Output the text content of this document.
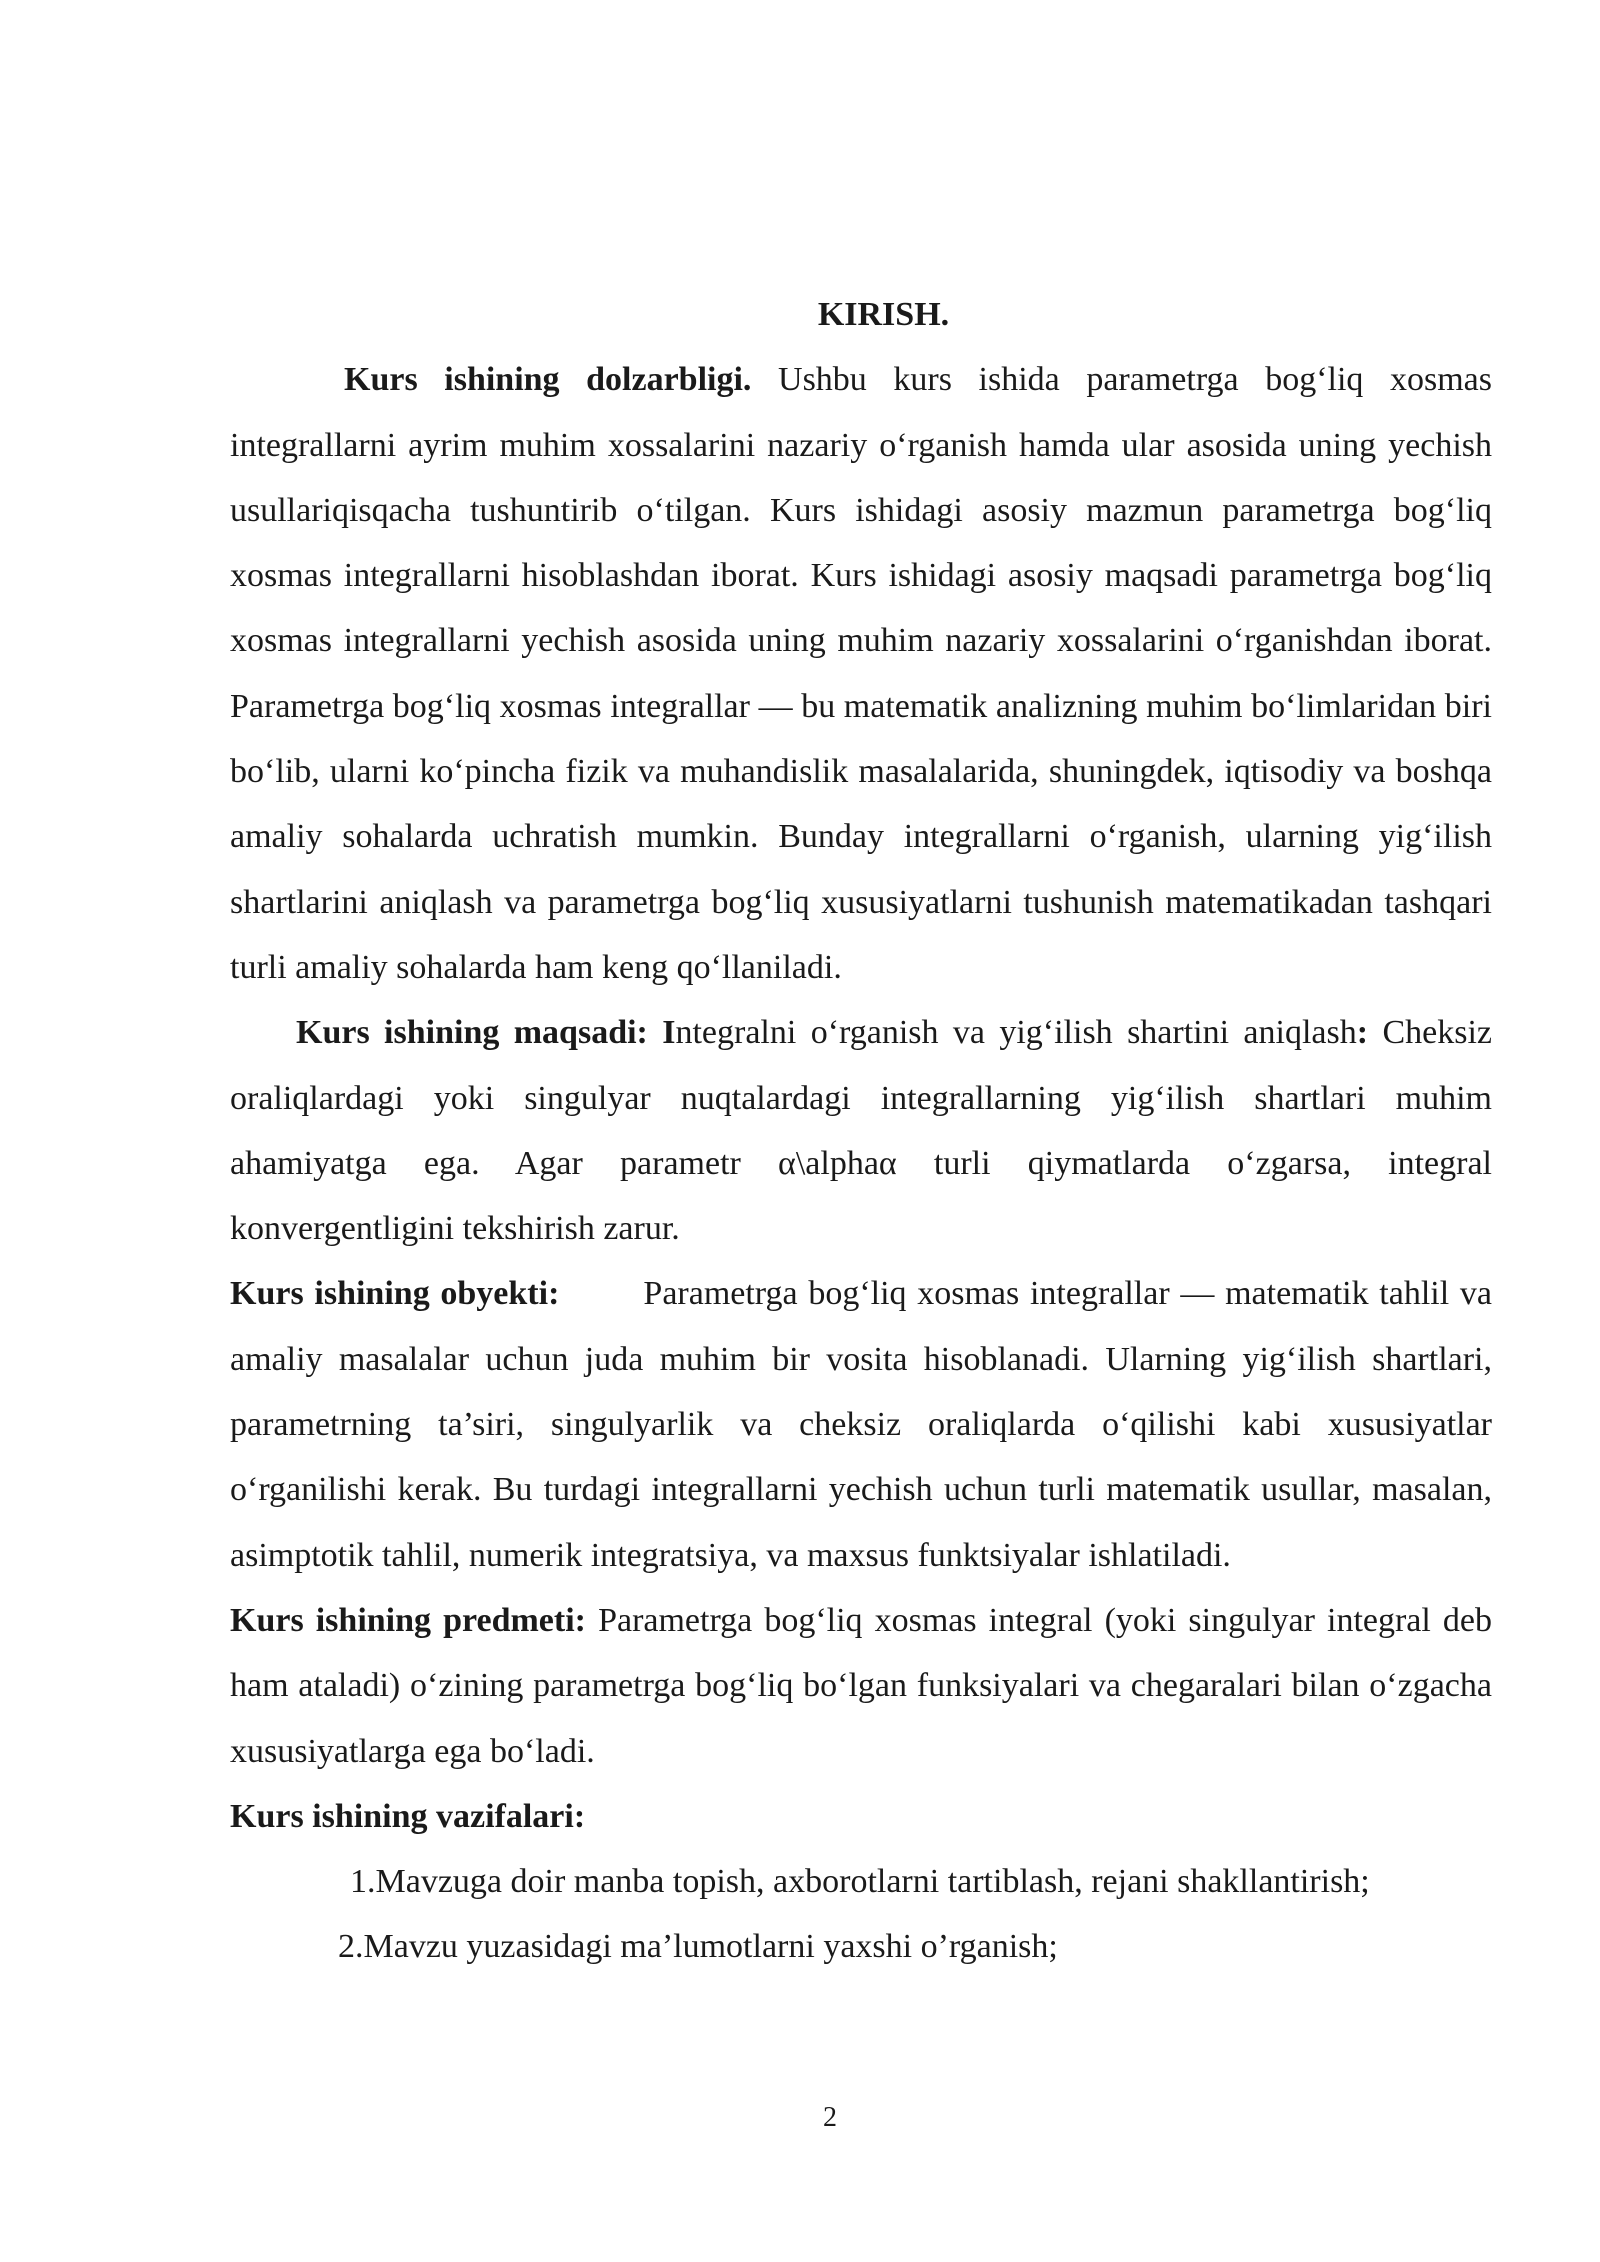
KIRISH.

Kurs ishining dolzarbligi. Ushbu kurs ishida parametrga bog‘liq xosmas integrallarni ayrim muhim xossalarini nazariy o‘rganish hamda ular asosida uning yechish usullariqisqacha tushuntirib o‘tilgan. Kurs ishidagi asosiy mazmun parametrga bog‘liq xosmas integrallarni hisoblashdan iborat. Kurs ishidagi asosiy maqsadi parametrga bog‘liq xosmas integrallarni yechish asosida uning muhim nazariy xossalarini o‘rganishdan iborat. Parametrga bog‘liq xosmas integrallar — bu matematik analizning muhim bo‘limlaridan biri bo‘lib, ularni ko‘pincha fizik va muhandislik masalalarida, shuningdek, iqtisodiy va boshqa amaliy sohalarda uchratish mumkin. Bunday integrallarni o‘rganish, ularning yig‘ilish shartlarini aniqlash va parametrga bog‘liq xususiyatlarni tushunish matematikadan tashqari turli amaliy sohalarda ham keng qo‘llaniladi.

Kurs ishining maqsadi: Integralni o‘rganish va yig‘ilish shartini aniqlash: Cheksiz oraliqlardagi yoki singulyar nuqtalardagi integrallarning yig‘ilish shartlari muhim ahamiyatga ega. Agar parametr α\alphaα turli qiymatlarda o‘zgarsa, integral konvergentligini tekshirish zarur.

Kurs ishining obyekti: Parametrga bog‘liq xosmas integrallar — matematik tahlil va amaliy masalalar uchun juda muhim bir vosita hisoblanadi. Ularning yig‘ilish shartlari, parametrning ta’siri, singulyarlik va cheksiz oraliqlarda o‘qilishi kabi xususiyatlar o‘rganilishi kerak. Bu turdagi integrallarni yechish uchun turli matematik usullar, masalan, asimptotik tahlil, numerik integratsiya, va maxsus funktsiyalar ishlatiladi.

Kurs ishining predmeti: Parametrga bog‘liq xosmas integral (yoki singulyar integral deb ham ataladi) o‘zining parametrga bog‘liq bo‘lgan funksiyalari va chegaralari bilan o‘zgacha xususiyatlarga ega bo‘ladi.

Kurs ishining vazifalari:

1.Mavzuga doir manba topish, axborotlarni tartiblash, rejani shakllantirish;

2.Mavzu yuzasidagi ma’lumotlarni yaxshi o’rganish;

2
